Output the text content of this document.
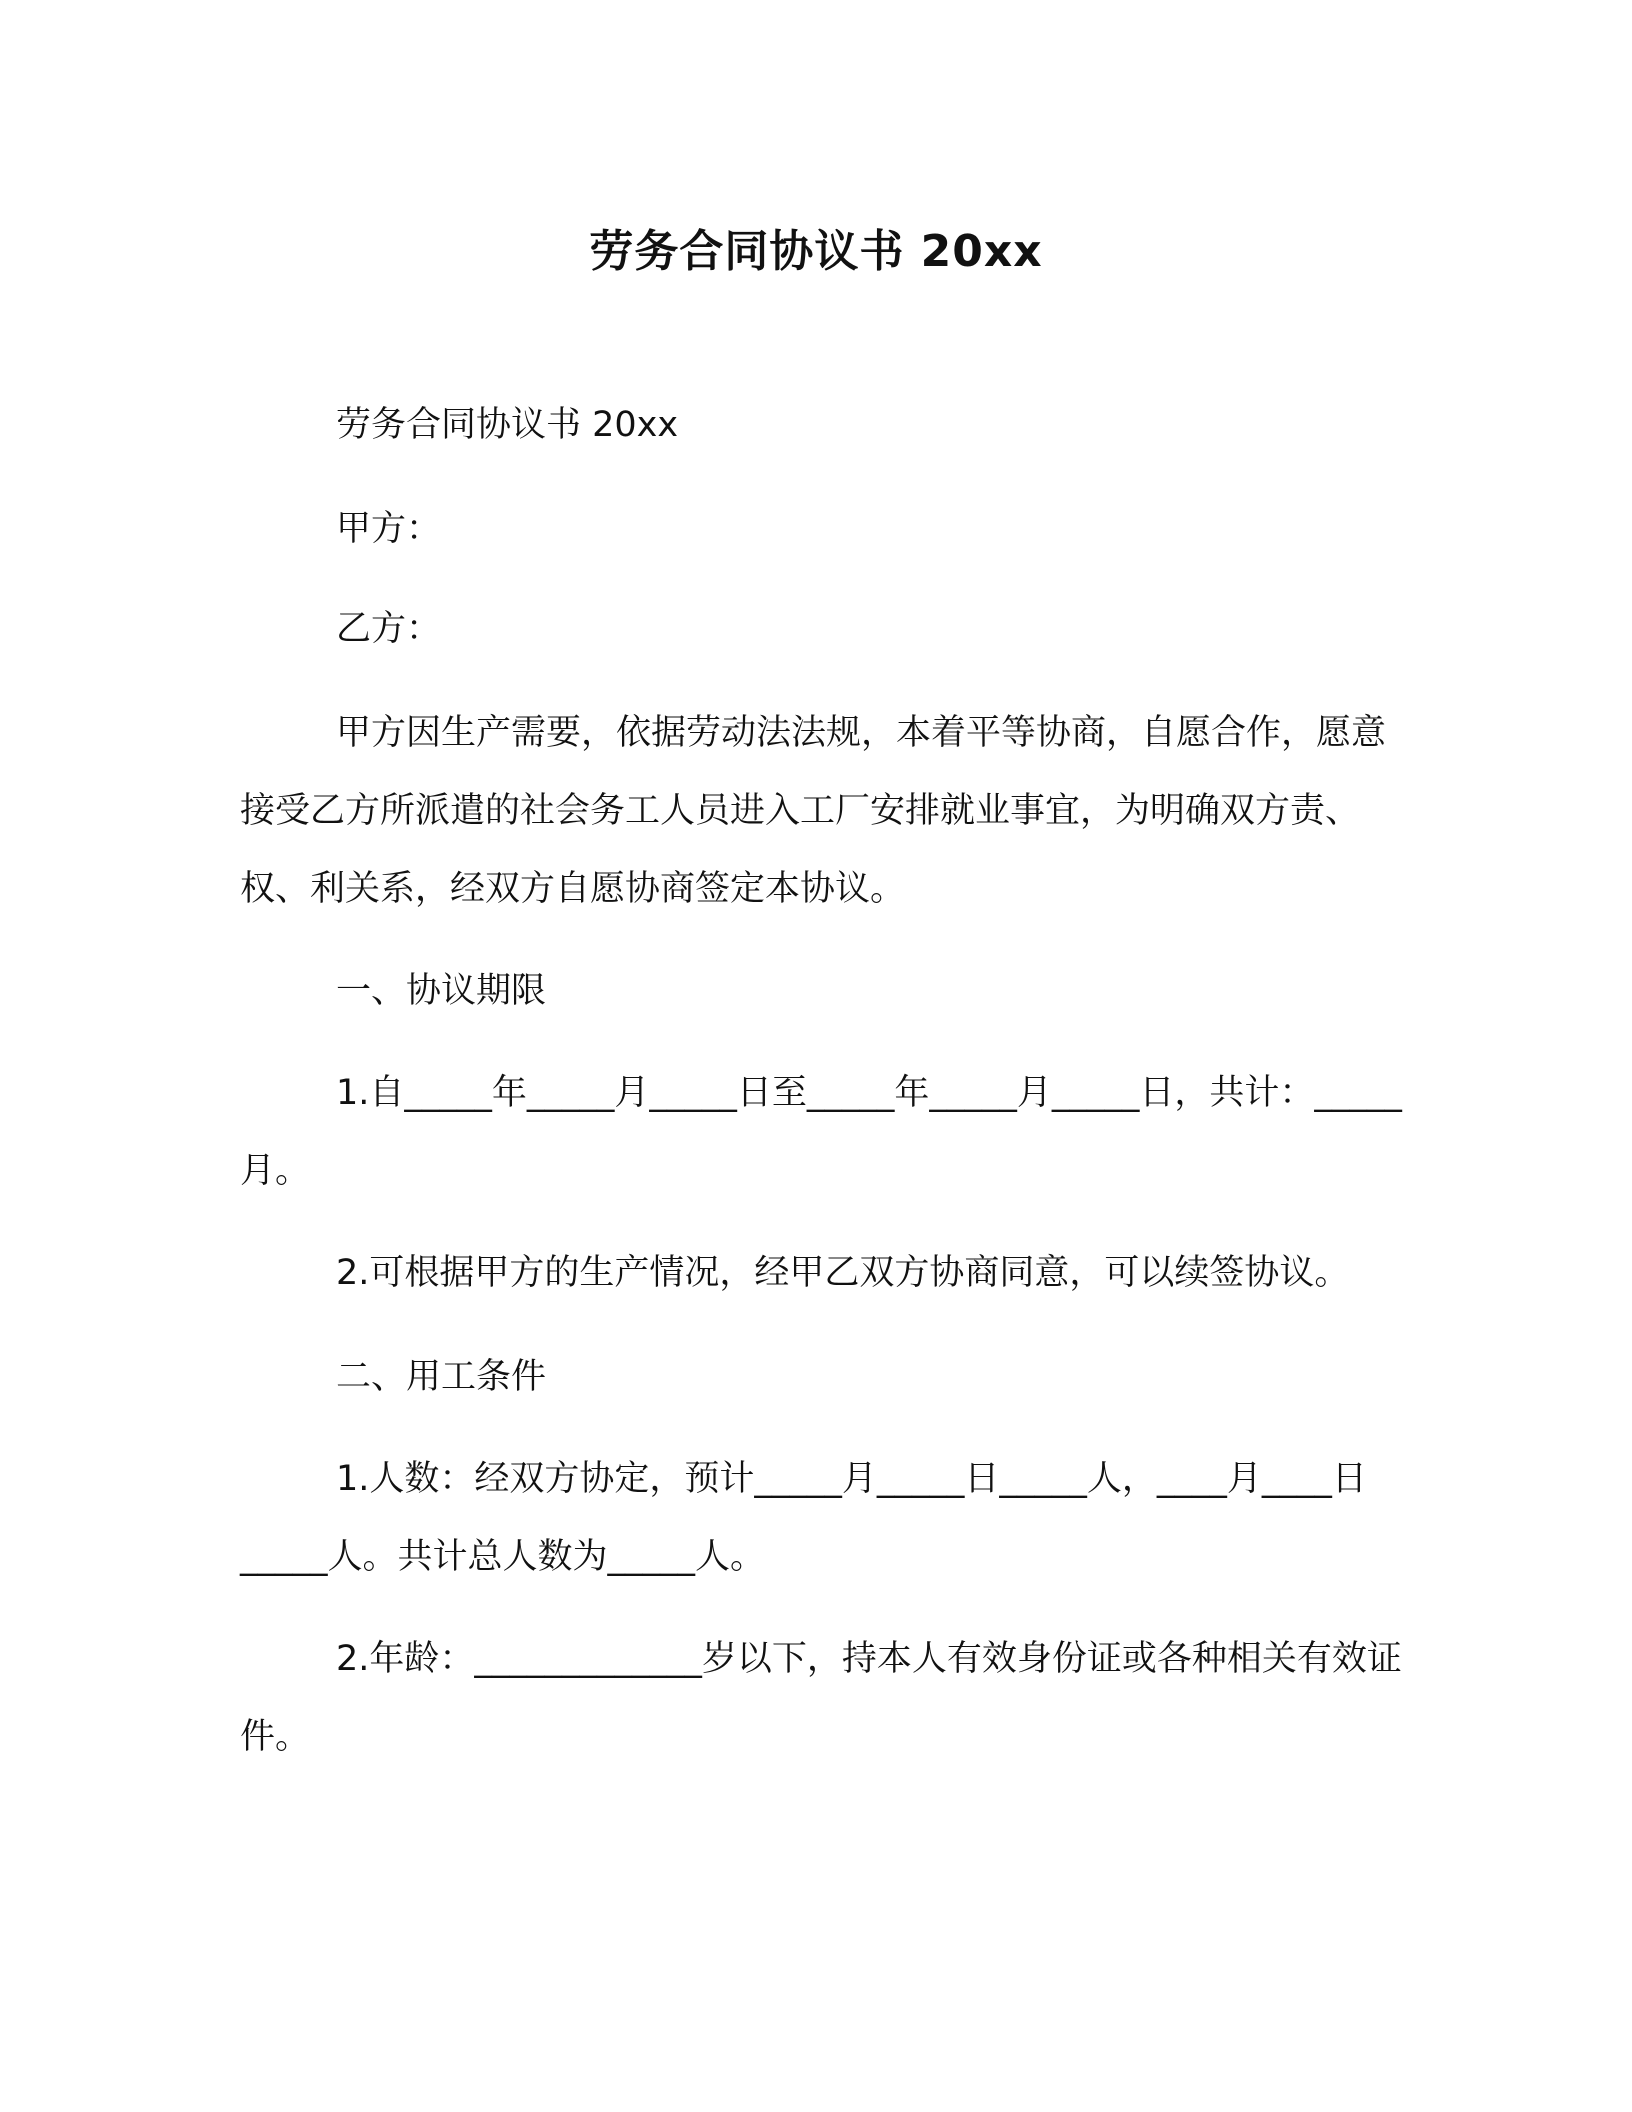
劳务合同协议书 20xx
劳务合同协议书 20xx
甲方：
乙方：
甲方因生产需要，依据劳动法法规，本着平等协商，自愿合作，愿意接受乙方所派遣的社会务工人员进入工厂安排就业事宜，为明确双方责、权、利关系，经双方自愿协商签定本协议。
一、协议期限
1.自_____年_____月_____日至_____年_____月_____日，共计：_____月。
2.可根据甲方的生产情况，经甲乙双方协商同意，可以续签协议。
二、用工条件
1.人数：经双方协定，预计_____月_____日_____人，____月____日_____人。共计总人数为_____人。
2.年龄：_____________岁以下，持本人有效身份证或各种相关有效证件。
